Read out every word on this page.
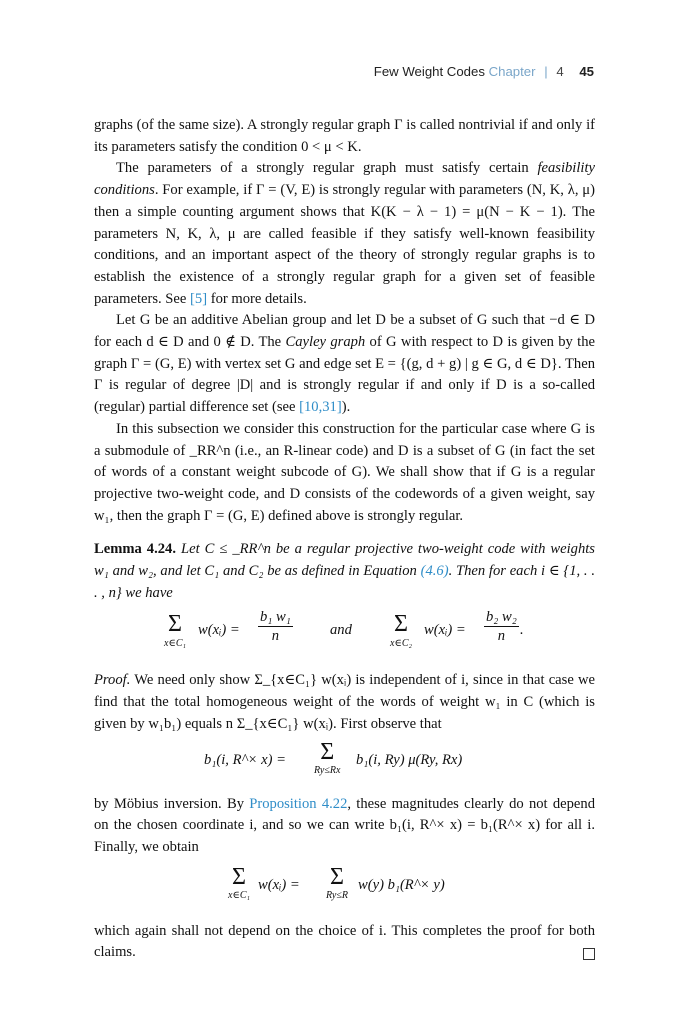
Few Weight Codes Chapter | 4 45

graphs (of the same size). A strongly regular graph Γ is called nontrivial if and only if its parameters satisfy the condition 0 < μ < K.

The parameters of a strongly regular graph must satisfy certain feasibility conditions. For example, if Γ = (V, E) is strongly regular with parameters (N, K, λ, μ) then a simple counting argument shows that K(K − λ − 1) = μ(N − K − 1). The parameters N, K, λ, μ are called feasible if they satisfy well-known feasibility conditions, and an important aspect of the theory of strongly regular graphs is to establish the existence of a strongly regular graph for a given set of feasible parameters. See [5] for more details.

Let G be an additive Abelian group and let D be a subset of G such that −d ∈ D for each d ∈ D and 0 ∉ D. The Cayley graph of G with respect to D is given by the graph Γ = (G, E) with vertex set G and edge set E = {(g, d + g) | g ∈ G, d ∈ D}. Then Γ is regular of degree |D| and is strongly regular if and only if D is a so-called (regular) partial difference set (see [10,31]).

In this subsection we consider this construction for the particular case where G is a submodule of _RR^n (i.e., an R-linear code) and D is a subset of G (in fact the set of words of a constant weight subcode of G). We shall show that if G is a regular projective two-weight code, and D consists of the codewords of a given weight, say w₁, then the graph Γ = (G, E) defined above is strongly regular.

Lemma 4.24. Let C ≤ _RR^n be a regular projective two-weight code with weights w₁ and w₂, and let C₁ and C₂ be as defined in Equation (4.6). Then for each i ∈ {1, . . . , n} we have

Σ
x∈C₁
w(xᵢ) = $\frac{\text{b₁ w₁}}{n}$	and Σ
x∈C₂
w(xᵢ) = $\frac{\text{b₂ w₂}}{n}$ .

Proof. We need only show Σ_{x∈C₁} w(xᵢ) is independent of i, since in that case we find that the total homogeneous weight of the words of weight w₁ in C (which is given by w₁b₁) equals n Σ_{x∈C₁} w(xᵢ). First observe that

b₁(i, R^× x) = Σ
Ry≤Rx
b₁(i, Ry) μ(Ry, Rx)

by Möbius inversion. By Proposition 4.22, these magnitudes clearly do not depend on the chosen coordinate i, and so we can write b₁(i, R^× x) = b₁(R^× x) for all i. Finally, we obtain

Σ
x∈C₁
w(xᵢ) = Σ
Ry≤R
w(y) b₁(R^× y)

which again shall not depend on the choice of i. This completes the proof for both claims.
